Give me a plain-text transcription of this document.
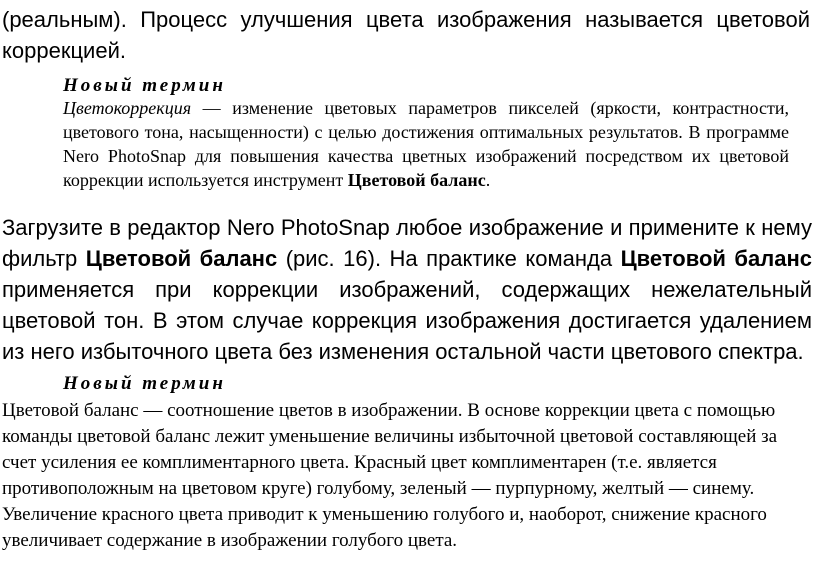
(реальным). Процесс улучшения цвета изображения называется цветовой коррекцией.
Новый термин
Цветокоррекция — изменение цветовых параметров пикселей (яркости, контрастности, цветового тона, насыщенности) с целью достижения оптимальных результатов. В программе Nero PhotoSnap для повышения качества цветных изображений посредством их цветовой коррекции используется инструмент Цветовой баланс.
Загрузите в редактор Nero PhotoSnap любое изображение и примените к нему фильтр Цветовой баланс (рис. 16). На практике команда Цветовой баланс применяется при коррекции изображений, содержащих нежелательный цветовой тон. В этом случае коррекция изображения достигается удалением из него избыточного цвета без изменения остальной части цветового спектра.
Новый термин
Цветовой баланс — соотношение цветов в изображении. В основе коррекции цвета с помощью команды цветовой баланс лежит уменьшение величины избыточной цветовой составляющей за счет усиления ее комплиментарного цвета. Красный цвет комплиментарен (т.е. является противоположным на цветовом круге) голубому, зеленый — пурпурному, желтый — синему. Увеличение красного цвета приводит к уменьшению голубого и, наоборот, снижение красного увеличивает содержание в изображении голубого цвета.
